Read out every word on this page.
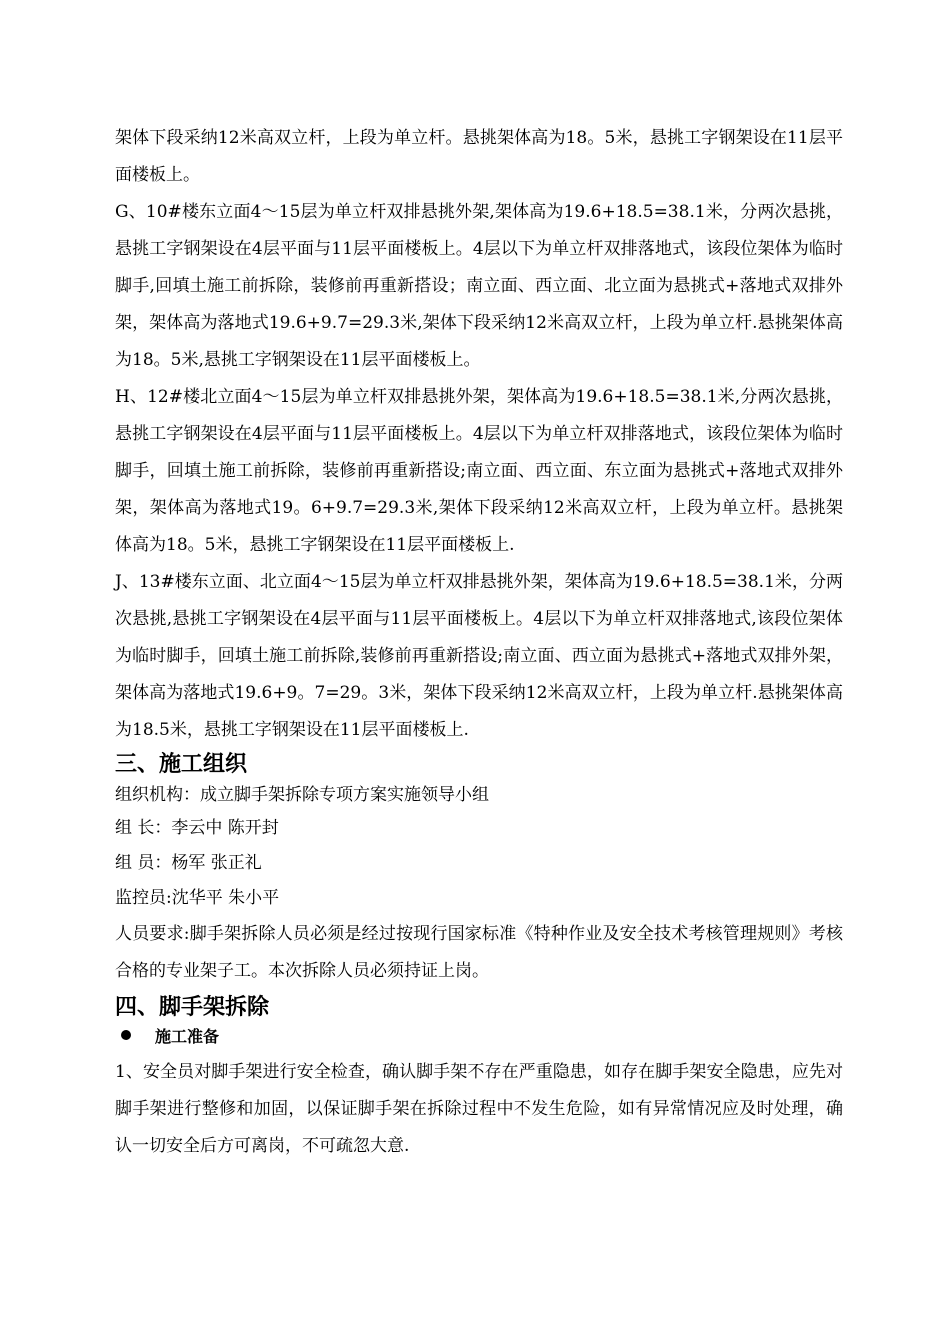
架体下段采纳12米高双立杆，上段为单立杆。悬挑架体高为18。5米，悬挑工字钢架设在11层平面楼板上。

G、10#楼东立面4～15层为单立杆双排悬挑外架,架体高为19.6+18.5=38.1米，分两次悬挑，悬挑工字钢架设在4层平面与11层平面楼板上。4层以下为单立杆双排落地式，该段位架体为临时脚手,回填土施工前拆除，装修前再重新搭设；南立面、西立面、北立面为悬挑式+落地式双排外架，架体高为落地式19.6+9.7=29.3米,架体下段采纳12米高双立杆，上段为单立杆.悬挑架体高为18。5米,悬挑工字钢架设在11层平面楼板上。

H、12#楼北立面4～15层为单立杆双排悬挑外架，架体高为19.6+18.5=38.1米,分两次悬挑，悬挑工字钢架设在4层平面与11层平面楼板上。4层以下为单立杆双排落地式，该段位架体为临时脚手，回填土施工前拆除，装修前再重新搭设;南立面、西立面、东立面为悬挑式+落地式双排外架，架体高为落地式19。6+9.7=29.3米,架体下段采纳12米高双立杆，上段为单立杆。悬挑架体高为18。5米，悬挑工字钢架设在11层平面楼板上.

J、13#楼东立面、北立面4～15层为单立杆双排悬挑外架，架体高为19.6+18.5=38.1米，分两次悬挑,悬挑工字钢架设在4层平面与11层平面楼板上。4层以下为单立杆双排落地式,该段位架体为临时脚手，回填土施工前拆除,装修前再重新搭设;南立面、西立面为悬挑式+落地式双排外架，架体高为落地式19.6+9。7=29。3米，架体下段采纳12米高双立杆，上段为单立杆.悬挑架体高为18.5米，悬挑工字钢架设在11层平面楼板上.

三、施工组织

组织机构：成立脚手架拆除专项方案实施领导小组

组 长：李云中 陈开封

组 员：杨军 张正礼

监控员:沈华平 朱小平

人员要求:脚手架拆除人员必须是经过按现行国家标准《特种作业及安全技术考核管理规则》考核合格的专业架子工。本次拆除人员必须持证上岗。

四、脚手架拆除
施工准备

1、安全员对脚手架进行安全检查，确认脚手架不存在严重隐患，如存在脚手架安全隐患，应先对脚手架进行整修和加固，以保证脚手架在拆除过程中不发生危险，如有异常情况应及时处理，确认一切安全后方可离岗，不可疏忽大意.
